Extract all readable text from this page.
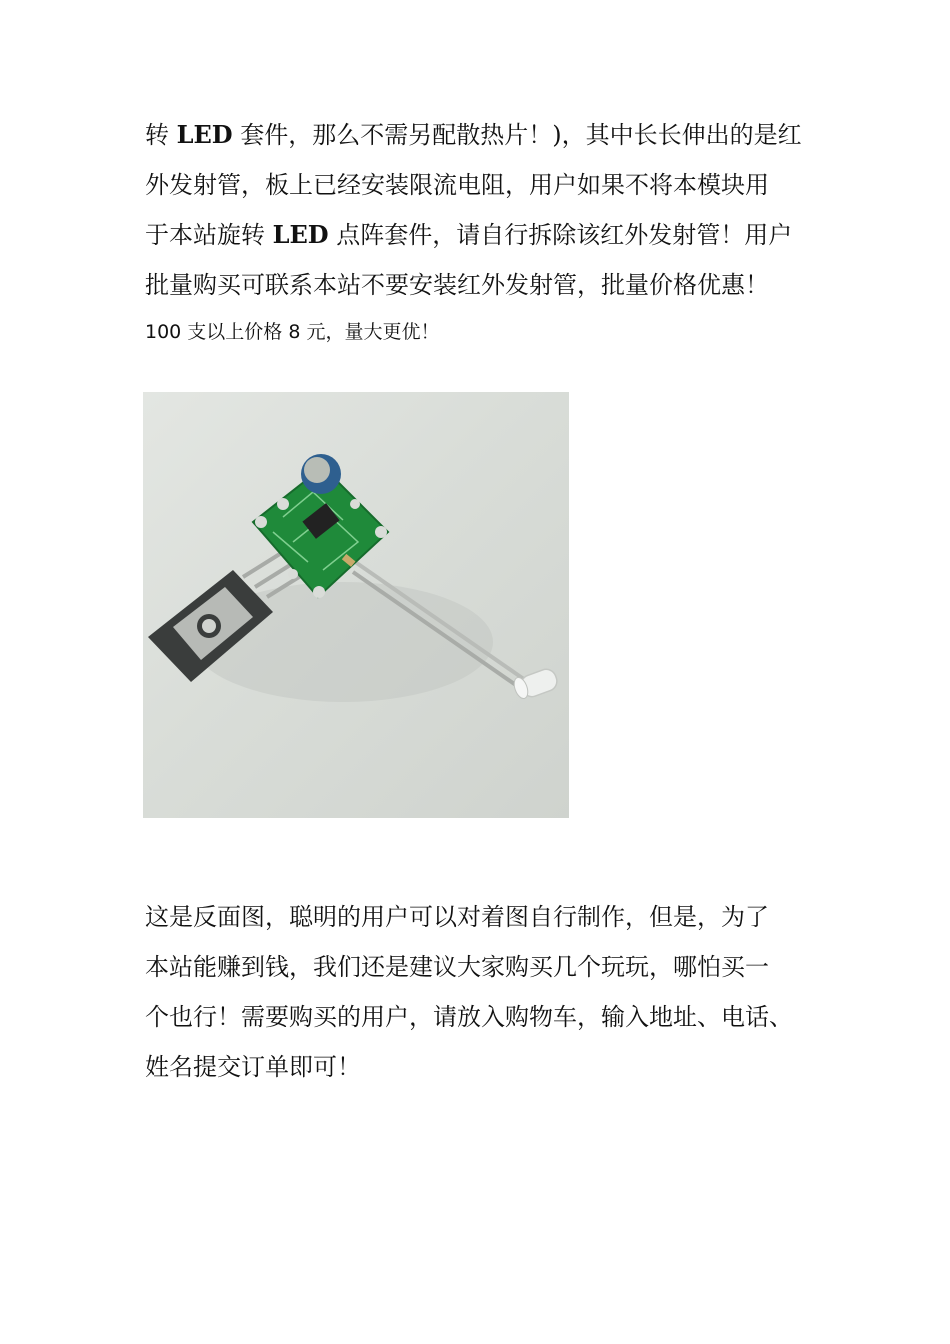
转 LED 套件，那么不需另配散热片！)，其中长长伸出的是红
外发射管，板上已经安装限流电阻，用户如果不将本模块用
于本站旋转 LED 点阵套件，请自行拆除该红外发射管！用户
批量购买可联系本站不要安装红外发射管，批量价格优惠！

100 支以上价格 8 元，量大更优！

这是反面图，聪明的用户可以对着图自行制作，但是，为了
本站能赚到钱，我们还是建议大家购买几个玩玩，哪怕买一
个也行！需要购买的用户，请放入购物车，输入地址、电话、
姓名提交订单即可！
